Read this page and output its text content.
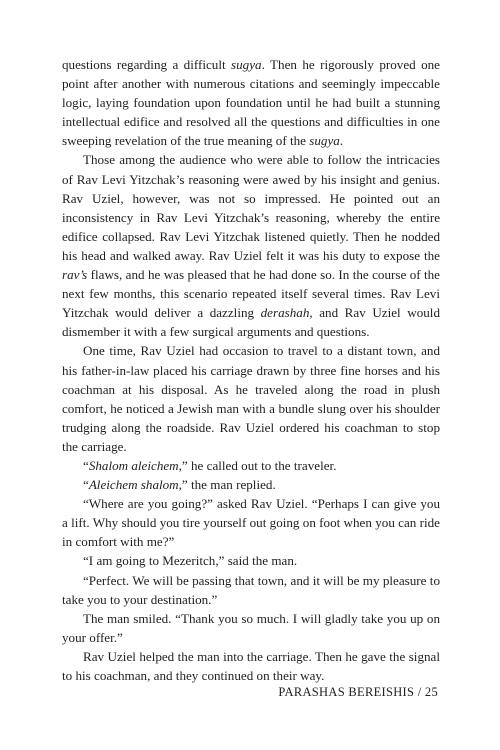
questions regarding a difficult sugya. Then he rigorously proved one point after another with numerous citations and seemingly impeccable logic, laying foundation upon foundation until he had built a stunning intellectual edifice and resolved all the questions and difficulties in one sweeping revelation of the true meaning of the sugya.

Those among the audience who were able to follow the intricacies of Rav Levi Yitzchak’s reasoning were awed by his insight and genius. Rav Uziel, however, was not so impressed. He pointed out an inconsistency in Rav Levi Yitzchak’s reasoning, whereby the entire edifice collapsed. Rav Levi Yitzchak listened quietly. Then he nodded his head and walked away. Rav Uziel felt it was his duty to expose the rav’s flaws, and he was pleased that he had done so. In the course of the next few months, this scenario repeated itself several times. Rav Levi Yitzchak would deliver a dazzling derashah, and Rav Uziel would dismember it with a few surgical arguments and questions.

One time, Rav Uziel had occasion to travel to a distant town, and his father-in-law placed his carriage drawn by three fine horses and his coachman at his disposal. As he traveled along the road in plush comfort, he noticed a Jewish man with a bundle slung over his shoulder trudging along the roadside. Rav Uziel ordered his coachman to stop the carriage.

“Shalom aleichem,” he called out to the traveler.

“Aleichem shalom,” the man replied.

“Where are you going?” asked Rav Uziel. “Perhaps I can give you a lift. Why should you tire yourself out going on foot when you can ride in comfort with me?”

“I am going to Mezeritch,” said the man.

“Perfect. We will be passing that town, and it will be my pleasure to take you to your destination.”

The man smiled. “Thank you so much. I will gladly take you up on your offer.”

Rav Uziel helped the man into the carriage. Then he gave the signal to his coachman, and they continued on their way.

PARASHAS BEREISHIS / 25
